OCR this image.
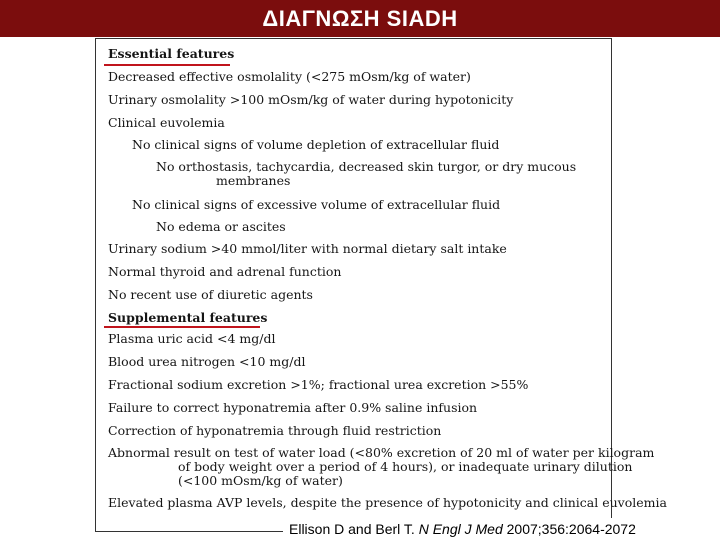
ΔΙΑΓΝΩΣΗ SIADH
Essential features
Decreased effective osmolality (<275 mOsm/kg of water)
Urinary osmolality >100 mOsm/kg of water during hypotonicity
Clinical euvolemia
No clinical signs of volume depletion of extracellular fluid
No orthostasis, tachycardia, decreased skin turgor, or dry mucous membranes
No clinical signs of excessive volume of extracellular fluid
No edema or ascites
Urinary sodium >40 mmol/liter with normal dietary salt intake
Normal thyroid and adrenal function
No recent use of diuretic agents
Supplemental features
Plasma uric acid <4 mg/dl
Blood urea nitrogen <10 mg/dl
Fractional sodium excretion >1%; fractional urea excretion >55%
Failure to correct hyponatremia after 0.9% saline infusion
Correction of hyponatremia through fluid restriction
Abnormal result on test of water load (<80% excretion of 20 ml of water per kilogram of body weight over a period of 4 hours), or inadequate urinary dilution (<100 mOsm/kg of water)
Elevated plasma AVP levels, despite the presence of hypotonicity and clinical euvolemia
Ellison D and Berl T. N Engl J Med 2007;356:2064-2072
